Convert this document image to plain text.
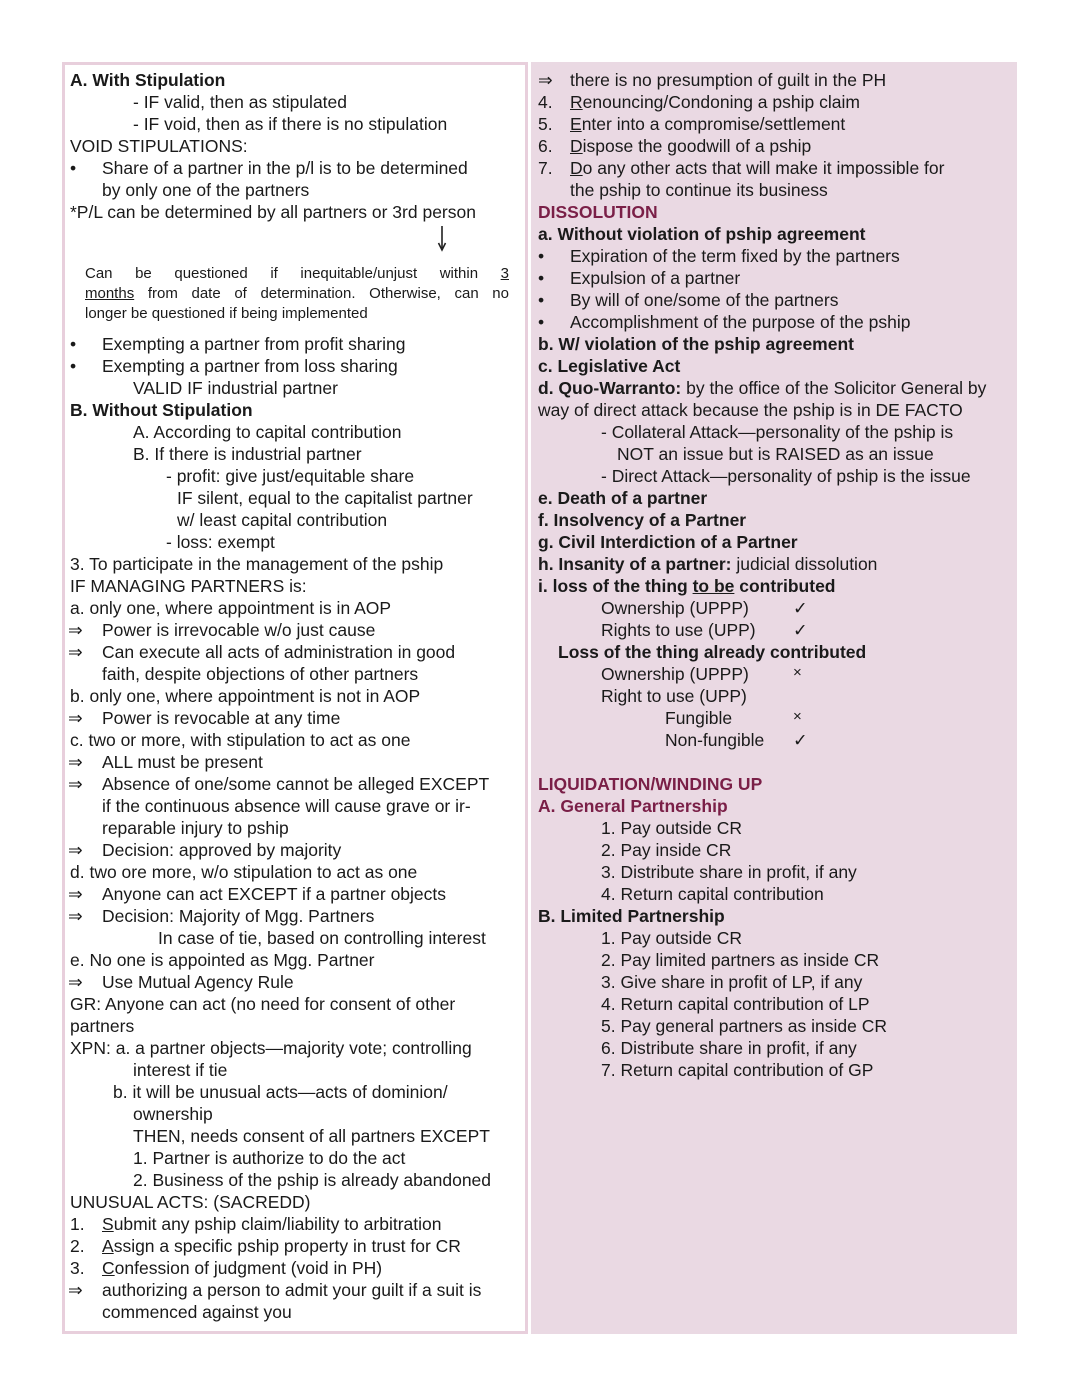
A. With Stipulation
- IF valid, then as stipulated
- IF void, then as if there is no stipulation
VOID STIPULATIONS:
• Share of a partner in the p/l is to be determined
by only one of the partners
*P/L can be determined by all partners or 3rd person
Can be questioned if inequitable/unjust within 3
months from date of determination. Otherwise, can no
longer be questioned if being implemented
• Exempting a partner from profit sharing
• Exempting a partner from loss sharing
VALID IF industrial partner
B. Without Stipulation
A. According to capital contribution
B. If there is industrial partner
- profit: give just/equitable share
IF silent, equal to the capitalist partner
w/ least capital contribution
- loss: exempt
3. To participate in the management of the pship
IF MANAGING PARTNERS is:
a. only one, where appointment is in AOP
⇒ Power is irrevocable w/o just cause
⇒ Can execute all acts of administration in good
faith, despite objections of other partners
b. only one, where appointment is not in AOP
⇒ Power is revocable at any time
c. two or more, with stipulation to act as one
⇒ ALL must be present
⇒ Absence of one/some cannot be alleged EXCEPT
if the continuous absence will cause grave or ir-
reparable injury to pship
⇒ Decision: approved by majority
d. two ore more, w/o stipulation to act as one
⇒ Anyone can act EXCEPT if a partner objects
⇒ Decision: Majority of Mgg. Partners
In case of tie, based on controlling interest
e. No one is appointed as Mgg. Partner
⇒ Use Mutual Agency Rule
GR: Anyone can act (no need for consent of other
partners
XPN: a. a partner objects—majority vote; controlling
interest if tie
b. it will be unusual acts—acts of dominion/
ownership
THEN, needs consent of all partners EXCEPT
1. Partner is authorize to do the act
2. Business of the pship is already abandoned
UNUSUAL ACTS: (SACREDD)
1. Submit any pship claim/liability to arbitration
2. Assign a specific pship property in trust for CR
3. Confession of judgment (void in PH)
⇒ authorizing a person to admit your guilt if a suit is
commenced against you
⇒ there is no presumption of guilt in the PH
4. Renouncing/Condoning a pship claim
5. Enter into a compromise/settlement
6. Dispose the goodwill of a pship
7. Do any other acts that will make it impossible for
the pship to continue its business
DISSOLUTION
a. Without violation of pship agreement
• Expiration of the term fixed by the partners
• Expulsion of a partner
• By will of one/some of the partners
• Accomplishment of the purpose of the pship
b. W/ violation of the pship agreement
c. Legislative Act
d. Quo-Warranto: by the office of the Solicitor General by
way of direct attack because the pship is in DE FACTO
- Collateral Attack—personality of the pship is
NOT an issue but is RAISED as an issue
- Direct Attack—personality of pship is the issue
e. Death of a partner
f. Insolvency of a Partner
g. Civil Interdiction of a Partner
h. Insanity of a partner: judicial dissolution
i. loss of the thing to be contributed
Ownership (UPPP)	✓
Rights to use (UPP) ✓
Loss of the thing already contributed
Ownership (UPPP)	×
Right to use (UPP)
Fungible	×
Non-fungible ✓
LIQUIDATION/WINDING UP
A. General Partnership
1. Pay outside CR
2. Pay inside CR
3. Distribute share in profit, if any
4. Return capital contribution
B. Limited Partnership
1. Pay outside CR
2. Pay limited partners as inside CR
3. Give share in profit of LP, if any
4. Return capital contribution of LP
5. Pay general partners as inside CR
6. Distribute share in profit, if any
7. Return capital contribution of GP
